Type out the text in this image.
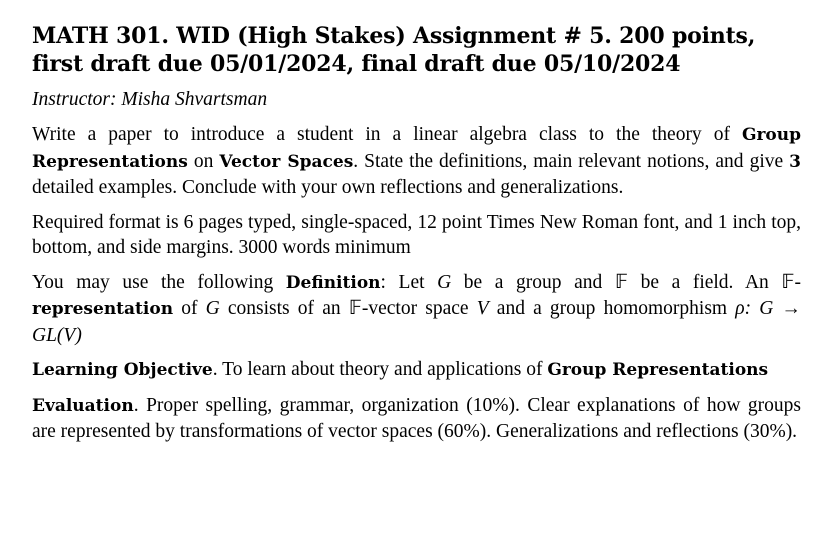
MATH 301. WID (High Stakes) Assignment # 5. 200 points,
first draft due 05/01/2024, final draft due 05/10/2024
Instructor: Misha Shvartsman

Write a paper to introduce a student in a linear algebra class to the theory of Group Representations on Vector Spaces. State the definitions, main relevant notions, and give 3 detailed examples. Conclude with your own reflections and generalizations.

Required format is 6 pages typed, single-spaced, 12 point Times New Roman font, and 1 inch top, bottom, and side margins. 3000 words minimum

You may use the following Definition: Let G be a group and 𝔽 be a field. An 𝔽-representation of G consists of an 𝔽-vector space V and a group homomorphism ρ: G → GL(V)

Learning Objective. To learn about theory and applications of Group Representations

Evaluation. Proper spelling, grammar, organization (10%). Clear explanations of how groups are represented by transformations of vector spaces (60%). Generalizations and reflections (30%).
